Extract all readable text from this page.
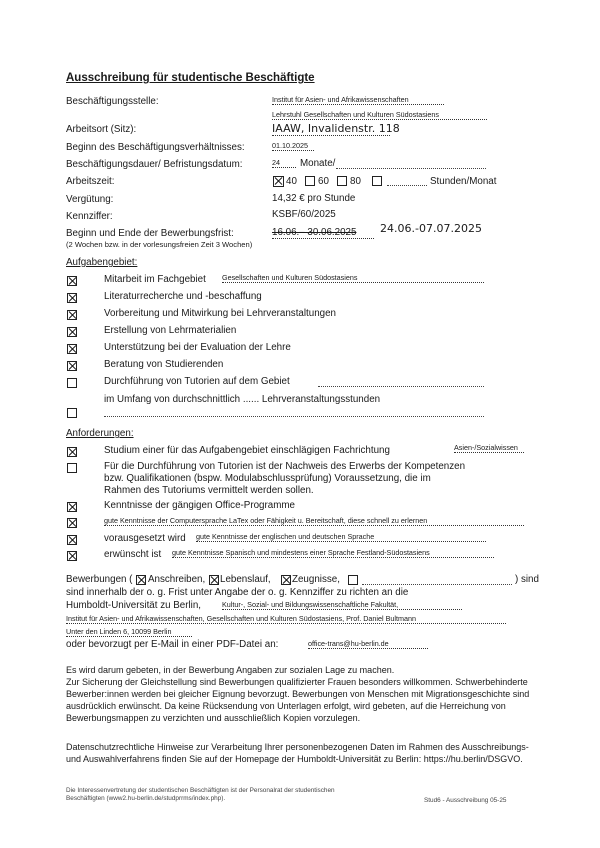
Ausschreibung für studentische Beschäftigte
Beschäftigungsstelle:	Institut für Asien- und Afrikawissenschaften
Lehrstuhl Gesellschaften und Kulturen Südostasiens
Arbeitsort (Sitz):	IAAW, Invalidenstr. 118
Beginn des Beschäftigungsverhältnisses:	01.10.2025
Beschäftigungsdauer/ Befristungsdatum:	24	Monate/
Arbeitszeit:	40 60 80	Stunden/Monat
Vergütung:	14,32 € pro Stunde
Kennziffer:	KSBF/60/2025
Beginn und Ende der Bewerbungsfrist:
(2 Wochen bzw. in der vorlesungsfreien Zeit 3 Wochen)
16.06.– 30.06.2025	24.06.-07.07.2025
Aufgabengebiet:
Mitarbeit im Fachgebiet Gesellschaften und Kulturen Südostasiens
Literaturrecherche und -beschaffung
Vorbereitung und Mitwirkung bei Lehrveranstaltungen
Erstellung von Lehrmaterialien
Unterstützung bei der Evaluation der Lehre
Beratung von Studierenden
Durchführung von Tutorien auf dem Gebiet
im Umfang von durchschnittlich ...... Lehrveranstaltungsstunden
Anforderungen:
Studium einer für das Aufgabengebiet einschlägigen Fachrichtung	Asien-/Sozialwissen
Für die Durchführung von Tutorien ist der Nachweis des Erwerbs der Kompetenzen
bzw. Qualifikationen (bspw. Modulabschlussprüfung) Voraussetzung, die im
Rahmen des Tutoriums vermittelt werden sollen.
Kenntnisse der gängigen Office-Programme
gute Kenntnisse der Computersprache LaTex oder Fähigkeit u. Bereitschaft, diese schnell zu erlernen
vorausgesetzt wird gute Kenntnisse der englischen und deutschen Sprache
erwünscht ist gute Kenntnisse Spanisch und mindestens einer Sprache Festland-Südostasiens
Bewerbungen ( Anschreiben, Lebenslauf, Zeugnisse,	) sind
sind innerhalb der o. g. Frist unter Angabe der o. g. Kennziffer zu richten an die
Humboldt-Universität zu Berlin,	Kultur-, Sozial- und Bildungswissenschaftliche Fakultät,
Institut für Asien- und Afrikawissenschaften, Gesellschaften und Kulturen Südostasiens, Prof. Daniel Bultmann
Unter den Linden 6, 10099 Berlin
oder bevorzugt per E-Mail in einer PDF-Datei an:	office-trans@hu-berlin.de
Es wird darum gebeten, in der Bewerbung Angaben zur sozialen Lage zu machen.
Zur Sicherung der Gleichstellung sind Bewerbungen qualifizierter Frauen besonders willkommen. Schwerbehinderte Bewerber:innen werden bei gleicher Eignung bevorzugt. Bewerbungen von Menschen mit Migrationsgeschichte sind ausdrücklich erwünscht. Da keine Rücksendung von Unterlagen erfolgt, wird gebeten, auf die Herreichung von Bewerbungsmappen zu verzichten und ausschließlich Kopien vorzulegen.
Datenschutzrechtliche Hinweise zur Verarbeitung Ihrer personenbezogenen Daten im Rahmen des Ausschreibungs- und Auswahlverfahrens finden Sie auf der Homepage der Humboldt-Universität zu Berlin: https://hu.berlin/DSGVO.
Die Interessenvertretung der studentischen Beschäftigten ist der Personalrat der studentischen
Beschäftigten (www2.hu-berlin.de/studprrms/index.php).	Stud6 - Ausschreibung 05-25
